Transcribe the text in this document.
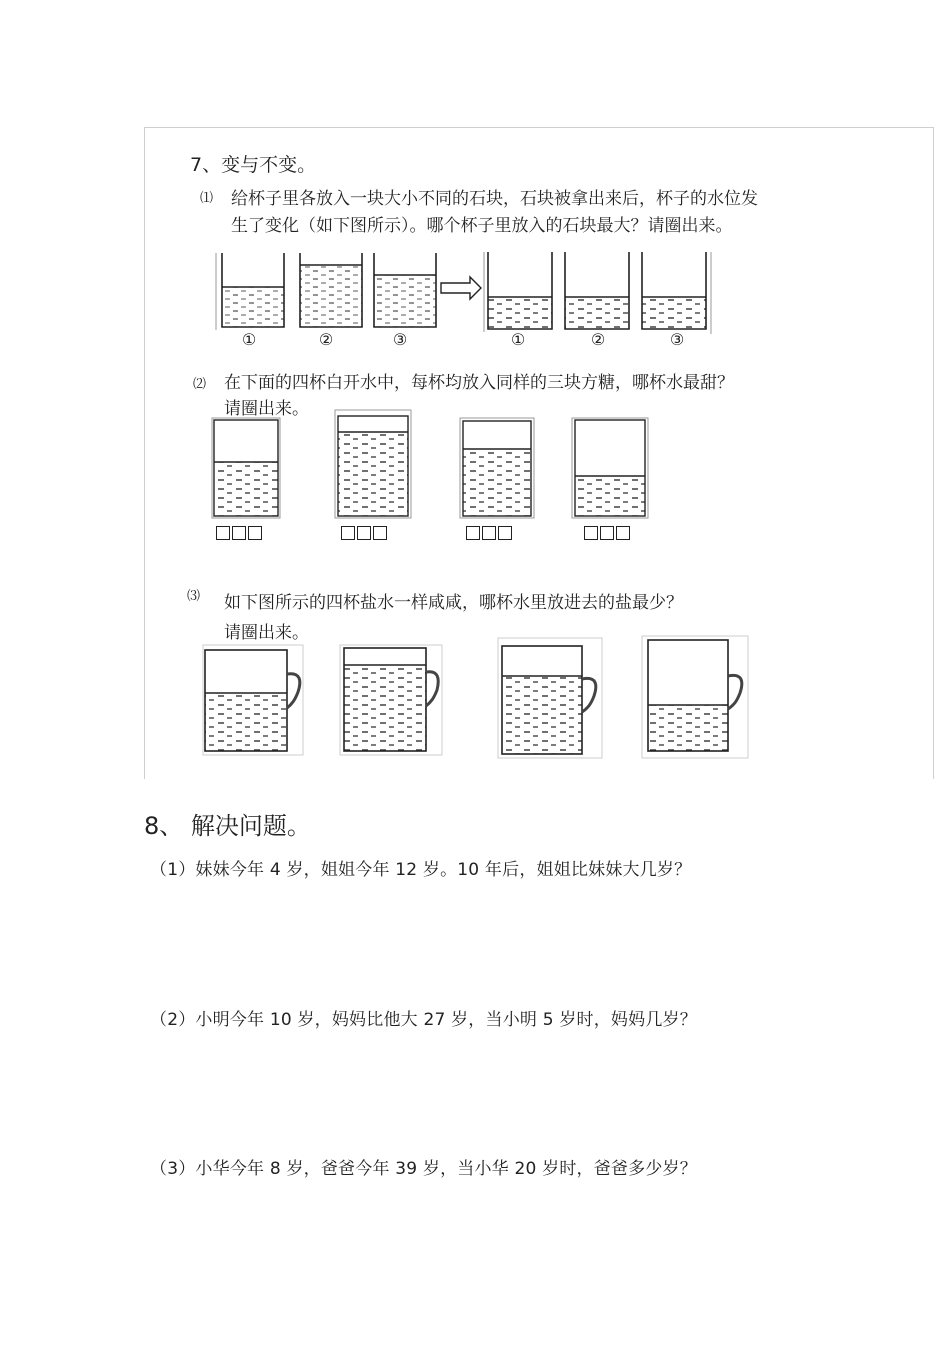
7、变与不变。
⑴ 给杯子里各放入一块大小不同的石块，石块被拿出来后，杯子的水位发
生了变化（如下图所示）。哪个杯子里放入的石块最大？请圈出来。
①	②	③	①	②	③
⑵ 在下面的四杯白开水中，每杯均放入同样的三块方糖，哪杯水最甜？
请圈出来。
⑶ 如下图所示的四杯盐水一样咸咸，哪杯水里放进去的盐最少？
请圈出来。
8、 解决问题。
（1）妹妹今年 4 岁，姐姐今年 12 岁。10 年后，姐姐比妹妹大几岁？
（2）小明今年 10 岁，妈妈比他大 27 岁，当小明 5 岁时，妈妈几岁？
（3）小华今年 8 岁，爸爸今年 39 岁，当小华 20 岁时，爸爸多少岁？
